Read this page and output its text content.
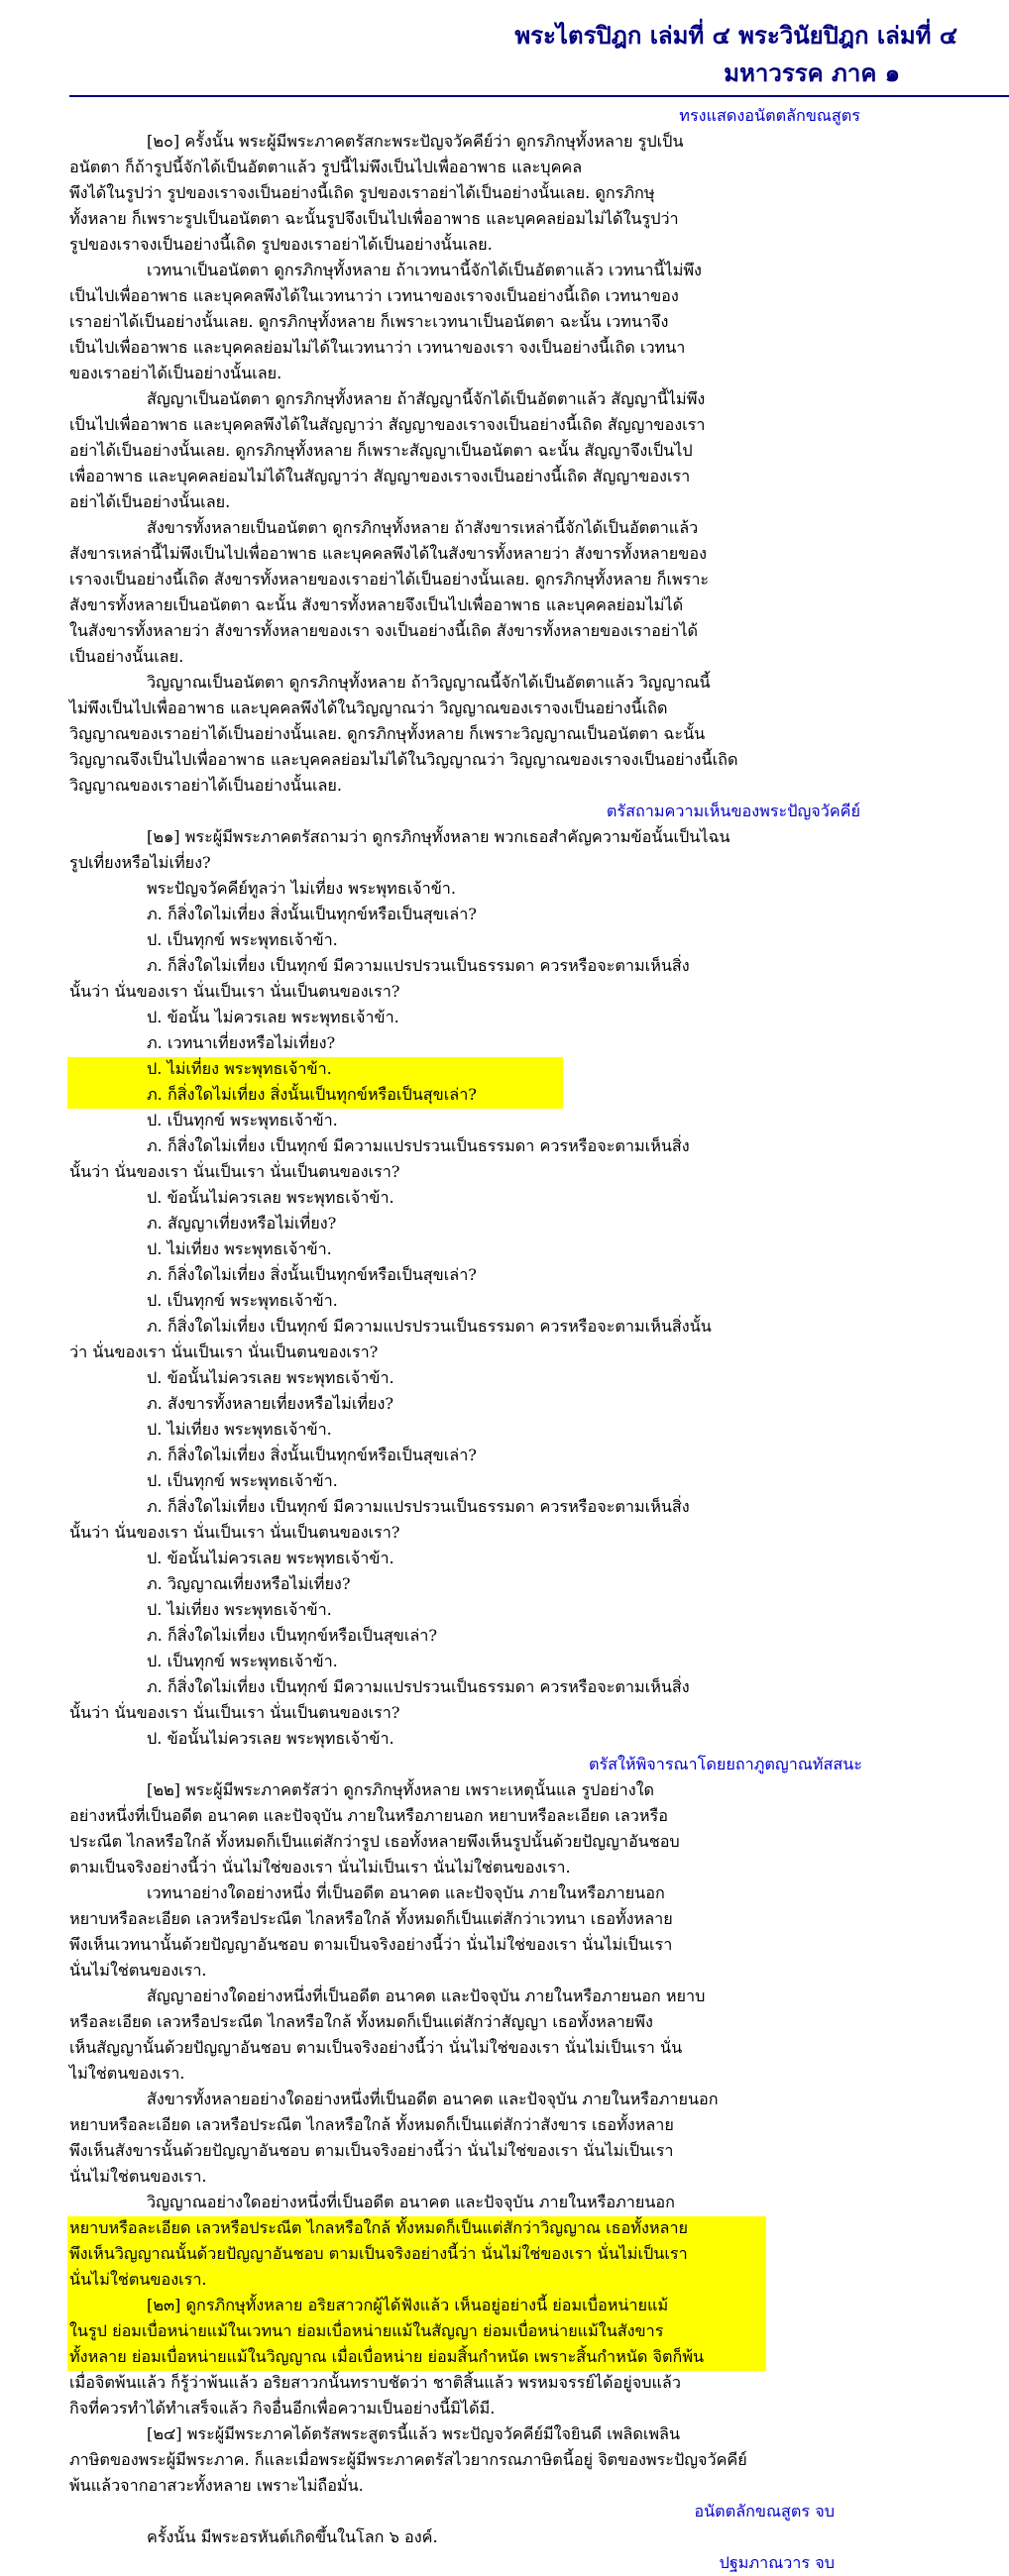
พระไตรปิฎก เล่มที่ ๔ พระวินัยปิฎก เล่มที่ ๔
มหาวรรค ภาค ๑
ทรงแสดงอนัตตลักขณสูตร
[๒๐] ครั้งนั้น พระผู้มีพระภาคตรัสกะพระปัญจวัคคีย์ว่า ดูกรภิกษุทั้งหลาย รูปเป็น
อนัตตา ก็ถ้ารูปนี้จักได้เป็นอัตตาแล้ว รูปนี้ไม่พึงเป็นไปเพื่ออาพาธ และบุคคล
พึงได้ในรูปว่า รูปของเราจงเป็นอย่างนี้เถิด รูปของเราอย่าได้เป็นอย่างนั้นเลย. ดูกรภิกษุ
ทั้งหลาย ก็เพราะรูปเป็นอนัตตา ฉะนั้นรูปจึงเป็นไปเพื่ออาพาธ และบุคคลย่อมไม่ได้ในรูปว่า
รูปของเราจงเป็นอย่างนี้เถิด รูปของเราอย่าได้เป็นอย่างนั้นเลย.
เวทนาเป็นอนัตตา ดูกรภิกษุทั้งหลาย ถ้าเวทนานี้จักได้เป็นอัตตาแล้ว เวทนานี้ไม่พึง
เป็นไปเพื่ออาพาธ และบุคคลพึงได้ในเวทนาว่า เวทนาของเราจงเป็นอย่างนี้เถิด เวทนาของ
เราอย่าได้เป็นอย่างนั้นเลย. ดูกรภิกษุทั้งหลาย ก็เพราะเวทนาเป็นอนัตตา ฉะนั้น เวทนาจึง
เป็นไปเพื่ออาพาธ และบุคคลย่อมไม่ได้ในเวทนาว่า เวทนาของเรา จงเป็นอย่างนี้เถิด เวทนา
ของเราอย่าได้เป็นอย่างนั้นเลย.
สัญญาเป็นอนัตตา ดูกรภิกษุทั้งหลาย ถ้าสัญญานี้จักได้เป็นอัตตาแล้ว สัญญานี้ไม่พึง
เป็นไปเพื่ออาพาธ และบุคคลพึงได้ในสัญญาว่า สัญญาของเราจงเป็นอย่างนี้เถิด สัญญาของเรา
อย่าได้เป็นอย่างนั้นเลย. ดูกรภิกษุทั้งหลาย ก็เพราะสัญญาเป็นอนัตตา ฉะนั้น สัญญาจึงเป็นไป
เพื่ออาพาธ และบุคคลย่อมไม่ได้ในสัญญาว่า สัญญาของเราจงเป็นอย่างนี้เถิด สัญญาของเรา
อย่าได้เป็นอย่างนั้นเลย.
สังขารทั้งหลายเป็นอนัตตา ดูกรภิกษุทั้งหลาย ถ้าสังขารเหล่านี้จักได้เป็นอัตตาแล้ว
สังขารเหล่านี้ไม่พึงเป็นไปเพื่ออาพาธ และบุคคลพึงได้ในสังขารทั้งหลายว่า สังขารทั้งหลายของ
เราจงเป็นอย่างนี้เถิด สังขารทั้งหลายของเราอย่าได้เป็นอย่างนั้นเลย. ดูกรภิกษุทั้งหลาย ก็เพราะ
สังขารทั้งหลายเป็นอนัตตา ฉะนั้น สังขารทั้งหลายจึงเป็นไปเพื่ออาพาธ และบุคคลย่อมไม่ได้
ในสังขารทั้งหลายว่า สังขารทั้งหลายของเรา จงเป็นอย่างนี้เถิด สังขารทั้งหลายของเราอย่าได้
เป็นอย่างนั้นเลย.
วิญญาณเป็นอนัตตา ดูกรภิกษุทั้งหลาย ถ้าวิญญาณนี้จักได้เป็นอัตตาแล้ว วิญญาณนี้
ไม่พึงเป็นไปเพื่ออาพาธ และบุคคลพึงได้ในวิญญาณว่า วิญญาณของเราจงเป็นอย่างนี้เถิด
วิญญาณของเราอย่าได้เป็นอย่างนั้นเลย. ดูกรภิกษุทั้งหลาย ก็เพราะวิญญาณเป็นอนัตตา ฉะนั้น
วิญญาณจึงเป็นไปเพื่ออาพาธ และบุคคลย่อมไม่ได้ในวิญญาณว่า วิญญาณของเราจงเป็นอย่างนี้เถิด
วิญญาณของเราอย่าได้เป็นอย่างนั้นเลย.
ตรัสถามความเห็นของพระปัญจวัคคีย์
[๒๑] พระผู้มีพระภาคตรัสถามว่า ดูกรภิกษุทั้งหลาย พวกเธอสำคัญความข้อนั้นเป็นไฉน
รูปเที่ยงหรือไม่เที่ยง?
พระปัญจวัคคีย์ทูลว่า ไม่เที่ยง พระพุทธเจ้าข้า.
ภ. ก็สิ่งใดไม่เที่ยง สิ่งนั้นเป็นทุกข์หรือเป็นสุขเล่า?
ป. เป็นทุกข์ พระพุทธเจ้าข้า.
ภ. ก็สิ่งใดไม่เที่ยง เป็นทุกข์ มีความแปรปรวนเป็นธรรมดา ควรหรือจะตามเห็นสิ่ง
นั้นว่า นั่นของเรา นั่นเป็นเรา นั่นเป็นตนของเรา?
ป. ข้อนั้น ไม่ควรเลย พระพุทธเจ้าข้า.
ภ. เวทนาเที่ยงหรือไม่เที่ยง?
ป. ไม่เที่ยง พระพุทธเจ้าข้า.
ภ. ก็สิ่งใดไม่เที่ยง สิ่งนั้นเป็นทุกข์หรือเป็นสุขเล่า?
ป. เป็นทุกข์ พระพุทธเจ้าข้า.
ภ. ก็สิ่งใดไม่เที่ยง เป็นทุกข์ มีความแปรปรวนเป็นธรรมดา ควรหรือจะตามเห็นสิ่ง
นั้นว่า นั่นของเรา นั่นเป็นเรา นั่นเป็นตนของเรา?
ป. ข้อนั้นไม่ควรเลย พระพุทธเจ้าข้า.
ภ. สัญญาเที่ยงหรือไม่เที่ยง?
ป. ไม่เที่ยง พระพุทธเจ้าข้า.
ภ. ก็สิ่งใดไม่เที่ยง สิ่งนั้นเป็นทุกข์หรือเป็นสุขเล่า?
ป. เป็นทุกข์ พระพุทธเจ้าข้า.
ภ. ก็สิ่งใดไม่เที่ยง เป็นทุกข์ มีความแปรปรวนเป็นธรรมดา ควรหรือจะตามเห็นสิ่งนั้น
ว่า นั่นของเรา นั่นเป็นเรา นั่นเป็นตนของเรา?
ป. ข้อนั้นไม่ควรเลย พระพุทธเจ้าข้า.
ภ. สังขารทั้งหลายเที่ยงหรือไม่เที่ยง?
ป. ไม่เที่ยง พระพุทธเจ้าข้า.
ภ. ก็สิ่งใดไม่เที่ยง สิ่งนั้นเป็นทุกข์หรือเป็นสุขเล่า?
ป. เป็นทุกข์ พระพุทธเจ้าข้า.
ภ. ก็สิ่งใดไม่เที่ยง เป็นทุกข์ มีความแปรปรวนเป็นธรรมดา ควรหรือจะตามเห็นสิ่ง
นั้นว่า นั่นของเรา นั่นเป็นเรา นั่นเป็นตนของเรา?
ป. ข้อนั้นไม่ควรเลย พระพุทธเจ้าข้า.
ภ. วิญญาณเที่ยงหรือไม่เที่ยง?
ป. ไม่เที่ยง พระพุทธเจ้าข้า.
ภ. ก็สิ่งใดไม่เที่ยง เป็นทุกข์หรือเป็นสุขเล่า?
ป. เป็นทุกข์ พระพุทธเจ้าข้า.
ภ. ก็สิ่งใดไม่เที่ยง เป็นทุกข์ มีความแปรปรวนเป็นธรรมดา ควรหรือจะตามเห็นสิ่ง
นั้นว่า นั่นของเรา นั่นเป็นเรา นั่นเป็นตนของเรา?
ป. ข้อนั้นไม่ควรเลย พระพุทธเจ้าข้า.
ตรัสให้พิจารณาโดยยถาภูตญาณทัสสนะ
[๒๒] พระผู้มีพระภาคตรัสว่า ดูกรภิกษุทั้งหลาย เพราะเหตุนั้นแล รูปอย่างใด
อย่างหนึ่งที่เป็นอดีต อนาคต และปัจจุบัน ภายในหรือภายนอก หยาบหรือละเอียด เลวหรือ
ประณีต ไกลหรือใกล้ ทั้งหมดก็เป็นแต่สักว่ารูป เธอทั้งหลายพึงเห็นรูปนั้นด้วยปัญญาอันชอบ
ตามเป็นจริงอย่างนี้ว่า นั่นไม่ใช่ของเรา นั่นไม่เป็นเรา นั่นไม่ใช่ตนของเรา.
เวทนาอย่างใดอย่างหนึ่ง ที่เป็นอดีต อนาคต และปัจจุบัน ภายในหรือภายนอก
หยาบหรือละเอียด เลวหรือประณีต ไกลหรือใกล้ ทั้งหมดก็เป็นแต่สักว่าเวทนา เธอทั้งหลาย
พึงเห็นเวทนานั้นด้วยปัญญาอันชอบ ตามเป็นจริงอย่างนี้ว่า นั่นไม่ใช่ของเรา นั่นไม่เป็นเรา
นั่นไม่ใช่ตนของเรา.
สัญญาอย่างใดอย่างหนึ่งที่เป็นอดีต อนาคต และปัจจุบัน ภายในหรือภายนอก หยาบ
หรือละเอียด เลวหรือประณีต ไกลหรือใกล้ ทั้งหมดก็เป็นแต่สักว่าสัญญา เธอทั้งหลายพึง
เห็นสัญญานั้นด้วยปัญญาอันชอบ ตามเป็นจริงอย่างนี้ว่า นั่นไม่ใช่ของเรา นั่นไม่เป็นเรา นั่น
ไม่ใช่ตนของเรา.
สังขารทั้งหลายอย่างใดอย่างหนึ่งที่เป็นอดีต อนาคต และปัจจุบัน ภายในหรือภายนอก
หยาบหรือละเอียด เลวหรือประณีต ไกลหรือใกล้ ทั้งหมดก็เป็นแต่สักว่าสังขาร เธอทั้งหลาย
พึงเห็นสังขารนั้นด้วยปัญญาอันชอบ ตามเป็นจริงอย่างนี้ว่า นั่นไม่ใช่ของเรา นั่นไม่เป็นเรา
นั่นไม่ใช่ตนของเรา.
วิญญาณอย่างใดอย่างหนึ่งที่เป็นอดีต อนาคต และปัจจุบัน ภายในหรือภายนอก
หยาบหรือละเอียด เลวหรือประณีต ไกลหรือใกล้ ทั้งหมดก็เป็นแต่สักว่าวิญญาณ เธอทั้งหลาย
พึงเห็นวิญญาณนั้นด้วยปัญญาอันชอบ ตามเป็นจริงอย่างนี้ว่า นั่นไม่ใช่ของเรา นั่นไม่เป็นเรา
นั่นไม่ใช่ตนของเรา.
[๒๓] ดูกรภิกษุทั้งหลาย อริยสาวกผู้ได้ฟังแล้ว เห็นอยู่อย่างนี้ ย่อมเบื่อหน่ายแม้
ในรูป ย่อมเบื่อหน่ายแม้ในเวทนา ย่อมเบื่อหน่ายแม้ในสัญญา ย่อมเบื่อหน่ายแม้ในสังขาร
ทั้งหลาย ย่อมเบื่อหน่ายแม้ในวิญญาณ เมื่อเบื่อหน่าย ย่อมสิ้นกำหนัด เพราะสิ้นกำหนัด จิตก็พ้น
เมื่อจิตพ้นแล้ว ก็รู้ว่าพ้นแล้ว อริยสาวกนั้นทราบชัดว่า ชาติสิ้นแล้ว พรหมจรรย์ได้อยู่จบแล้ว
กิจที่ควรทำได้ทำเสร็จแล้ว กิจอื่นอีกเพื่อความเป็นอย่างนี้มิได้มี.
[๒๔] พระผู้มีพระภาคได้ตรัสพระสูตรนี้แล้ว พระปัญจวัคคีย์มีใจยินดี เพลิดเพลิน
ภาษิตของพระผู้มีพระภาค. ก็และเมื่อพระผู้มีพระภาคตรัสไวยากรณภาษิตนี้อยู่ จิตของพระปัญจวัคคีย์
พ้นแล้วจากอาสวะทั้งหลาย เพราะไม่ถือมั่น.
อนัตตลักขณสูตร จบ
ครั้งนั้น มีพระอรหันต์เกิดขึ้นในโลก ๖ องค์.
ปฐมภาณวาร จบ
